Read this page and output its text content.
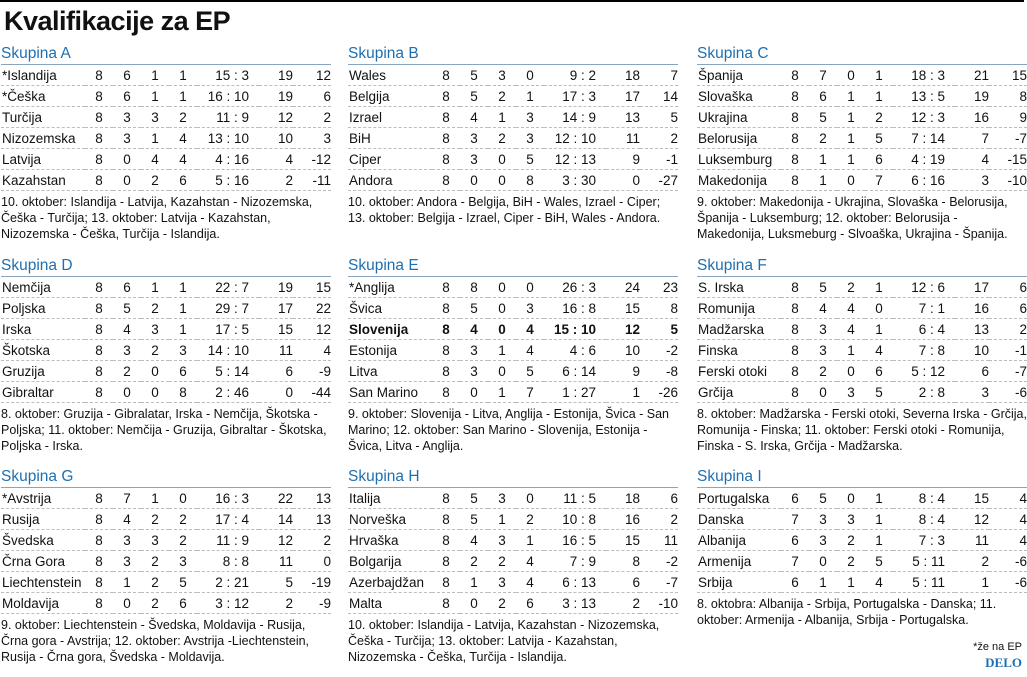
Kvalifikacije za EP
Skupina A
*Islandija	8	6	1	1	15 : 3	19	12
*Češka	8	6	1	1	16 : 10	19	6
Turčija	8	3	3	2	11 : 9	12	2
Nizozemska	8	3	1	4	13 : 10	10	3
Latvija	8	0	4	4	4 : 16	4	-12
Kazahstan	8	0	2	6	5 : 16	2	-11

10. oktober: Islandija - Latvija, Kazahstan - Nizozemska, Češka - Turčija; 13. oktober: Latvija - Kazahstan, Nizozemska - Češka, Turčija - Islandija.

Skupina B
Wales	8	5	3	0	9 : 2	18	7
Belgija	8	5	2	1	17 : 3	17	14
Izrael	8	4	1	3	14 : 9	13	5
BiH	8	3	2	3	12 : 10	11	2
Ciper	8	3	0	5	12 : 13	9	-1
Andora	8	0	0	8	3 : 30	0	-27

10. oktober: Andora - Belgija, BiH - Wales, Izrael - Ciper; 13. oktober: Belgija - Izrael, Ciper - BiH, Wales - Andora.

Skupina C
Španija	8	7	0	1	18 : 3	21	15
Slovaška	8	6	1	1	13 : 5	19	8
Ukrajina	8	5	1	2	12 : 3	16	9
Belorusija	8	2	1	5	7 : 14	7	-7
Luksemburg	8	1	1	6	4 : 19	4	-15
Makedonija	8	1	0	7	6 : 16	3	-10

9. oktober: Makedonija - Ukrajina, Slovaška - Belorusija, Španija - Luksemburg; 12. oktober: Belorusija - Makedonija, Luksmeburg - Slvoaška, Ukrajina - Španija.

Skupina D
Nemčija	8	6	1	1	22 : 7	19	15
Poljska	8	5	2	1	29 : 7	17	22
Irska	8	4	3	1	17 : 5	15	12
Škotska	8	3	2	3	14 : 10	11	4
Gruzija	8	2	0	6	5 : 14	6	-9
Gibraltar	8	0	0	8	2 : 46	0	-44

8. oktober: Gruzija - Gibralatar, Irska - Nemčija, Škotska - Poljska; 11. oktober: Nemčija - Gruzija, Gibraltar - Škotska, Poljska - Irska.

Skupina E
*Anglija	8	8	0	0	26 : 3	24	23
Švica	8	5	0	3	16 : 8	15	8
Slovenija	8	4	0	4	15 : 10	12	5
Estonija	8	3	1	4	4 : 6	10	-2
Litva	8	3	0	5	6 : 14	9	-8
San Marino	8	0	1	7	1 : 27	1	-26

9. oktober: Slovenija - Litva, Anglija - Estonija, Švica - San Marino; 12. oktober: San Marino - Slovenija, Estonija - Švica, Litva - Anglija.

Skupina F
S. Irska	8	5	2	1	12 : 6	17	6
Romunija	8	4	4	0	7 : 1	16	6
Madžarska	8	3	4	1	6 : 4	13	2
Finska	8	3	1	4	7 : 8	10	-1
Ferski otoki	8	2	0	6	5 : 12	6	-7
Grčija	8	0	3	5	2 : 8	3	-6

8. oktober: Madžarska - Ferski otoki, Severna Irska - Grčija, Romunija - Finska; 11. oktober: Ferski otoki - Romunija, Finska - S. Irska, Grčija - Madžarska.

Skupina G
*Avstrija	8	7	1	0	16 : 3	22	13
Rusija	8	4	2	2	17 : 4	14	13
Švedska	8	3	3	2	11 : 9	12	2
Črna Gora	8	3	2	3	8 : 8	11	0
Liechtenstein	8	1	2	5	2 : 21	5	-19
Moldavija	8	0	2	6	3 : 12	2	-9

9. oktober: Liechtenstein - Švedska, Moldavija - Rusija, Črna gora - Avstrija; 12. oktober: Avstrija -Liechtenstein, Rusija - Črna gora, Švedska - Moldavija.

Skupina H
Italija	8	5	3	0	11 : 5	18	6
Norveška	8	5	1	2	10 : 8	16	2
Hrvaška	8	4	3	1	16 : 5	15	11
Bolgarija	8	2	2	4	7 : 9	8	-2
Azerbajdžan	8	1	3	4	6 : 13	6	-7
Malta	8	0	2	6	3 : 13	2	-10

10. oktober: Islandija - Latvija, Kazahstan - Nizozemska, Češka - Turčija; 13. oktober: Latvija - Kazahstan, Nizozemska - Češka, Turčija - Islandija.

Skupina I
Portugalska	6	5	0	1	8 : 4	15	4
Danska	7	3	3	1	8 : 4	12	4
Albanija	6	3	2	1	7 : 3	11	4
Armenija	7	0	2	5	5 : 11	2	-6
Srbija	6	1	1	4	5 : 11	1	-6

8. oktobra: Albanija - Srbija, Portugalska - Danska; 11. oktober: Armenija - Albanija, Srbija - Portugalska.

*že na EP
DELO
